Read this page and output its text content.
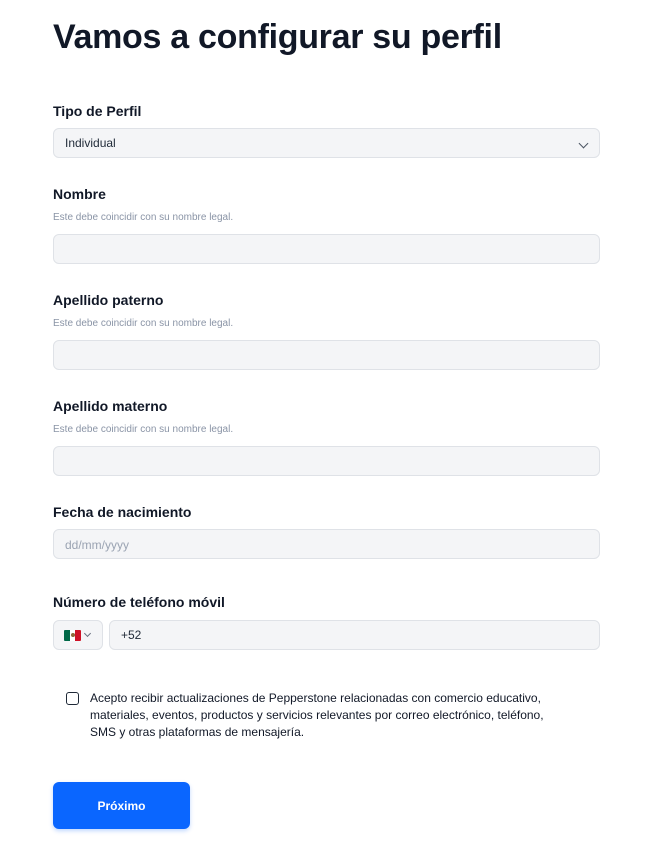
Vamos a configurar su perfil
Tipo de Perfil
Individual
Nombre
Este debe coincidir con su nombre legal.
Apellido paterno
Este debe coincidir con su nombre legal.
Apellido materno
Este debe coincidir con su nombre legal.
Fecha de nacimiento
dd/mm/yyyy
Número de teléfono móvil
+52
Acepto recibir actualizaciones de Pepperstone relacionadas con comercio educativo, materiales, eventos, productos y servicios relevantes por correo electrónico, teléfono, SMS y otras plataformas de mensajería.
Próximo
